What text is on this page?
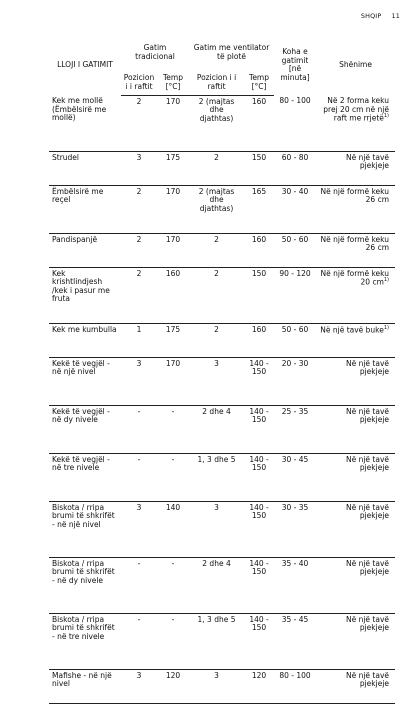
SHQIP 11
LLOJI I GATIMIT	Gatim tradicional		Gatim me ventilator të plotë		Koha e gatimit [në minuta]	Shënime
	Pozicion i i raftit	Temp [°C]	Pozicion i i raftit	Temp [°C]		
Kek me mollë (Ëmbëlsirë me mollë)	2	170	2 (majtas dhe djathtas)	160	80 - 100	Në 2 forma keku prej 20 cm në një raft me rrjetë$^{1)}$
Strudel	3	175	2	150	60 - 80	Në një tavë pjekjeje
Ëmbëlsirë me reçel	2	170	2 (majtas dhe djathtas)	165	30 - 40	Në një formë keku 26 cm
Pandispanjë	2	170	2	160	50 - 60	Në një formë keku 26 cm
Kek krishtlindjesh /kek i pasur me fruta	2	160	2	150	90 - 120	Në një formë keku 20 $cm^{1)}$
Kek me kumbulla	1	175	2	160	50 - 60	Në një tavë buke$^{1)}$
Kekë të vegjël - në një nivel	3	170	3	140 - 150	20 - 30	Në një tavë pjekjeje
Kekë të vegjël - në dy nivele	-	-	2 dhe 4	140 - 150	25 - 35	Në një tavë pjekjeje
Kekë të vegjël - në tre nivele	-	-	1, 3 dhe 5	140 - 150	30 - 45	Në një tavë pjekjeje
Biskota / rripa brumi të shkrifët - në një nivel	3	140	3	140 - 150	30 - 35	Në një tavë pjekjeje
Biskota / rripa brumi të shkrifët - në dy nivele	-	-	2 dhe 4	140 - 150	35 - 40	Në një tavë pjekjeje
Biskota / rripa brumi të shkrifët - në tre nivele	-	-	1, 3 dhe 5	140 - 150	35 - 45	Në një tavë pjekjeje
Mafishe - në një nivel	3	120	3	120	80 - 100	Në një tavë pjekjeje
